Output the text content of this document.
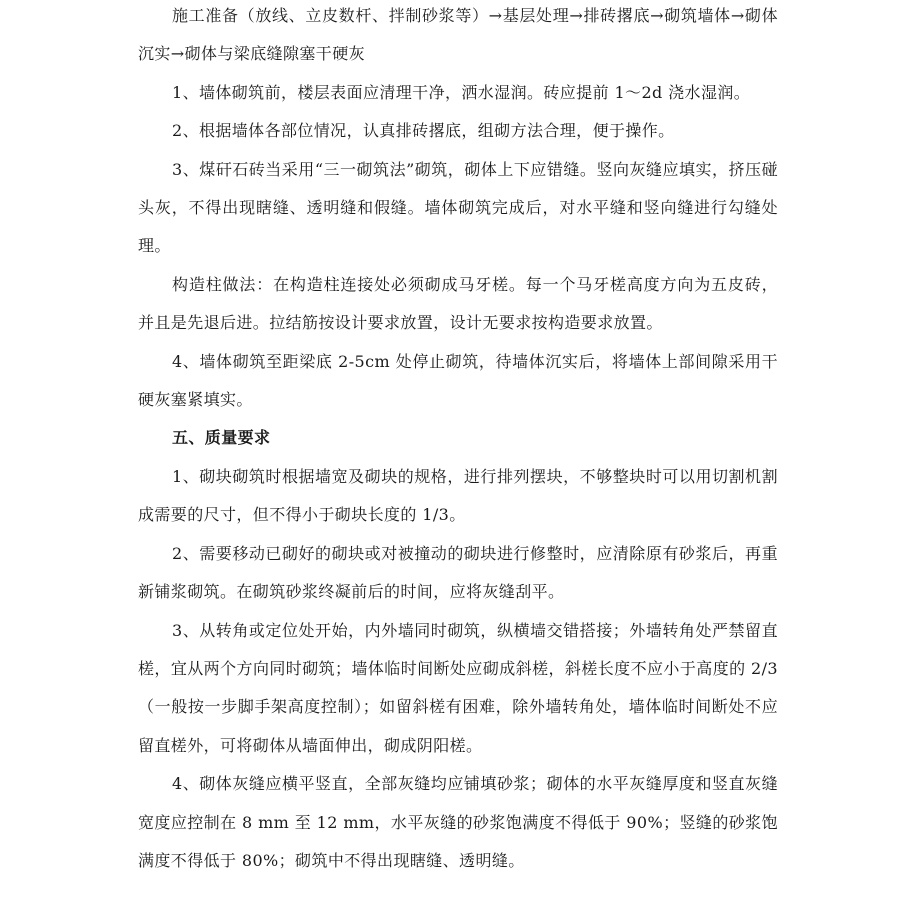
施工准备（放线、立皮数杆、拌制砂浆等）→基层处理→排砖撂底→砌筑墙体→砌体沉实→砌体与梁底缝隙塞干硬灰

1、墙体砌筑前，楼层表面应清理干净，洒水湿润。砖应提前 1～2d 浇水湿润。

2、根据墙体各部位情况，认真排砖撂底，组砌方法合理，便于操作。

3、煤矸石砖当采用“三一砌筑法”砌筑，砌体上下应错缝。竖向灰缝应填实，挤压碰头灰，不得出现瞎缝、透明缝和假缝。墙体砌筑完成后，对水平缝和竖向缝进行勾缝处理。

构造柱做法：在构造柱连接处必须砌成马牙槎。每一个马牙槎高度方向为五皮砖，并且是先退后进。拉结筋按设计要求放置，设计无要求按构造要求放置。

4、墙体砌筑至距梁底 2-5cm 处停止砌筑，待墙体沉实后，将墙体上部间隙采用干硬灰塞紧填实。

五、质量要求

1、砌块砌筑时根据墙宽及砌块的规格，进行排列摆块，不够整块时可以用切割机割成需要的尺寸，但不得小于砌块长度的 1/3。

2、需要移动已砌好的砌块或对被撞动的砌块进行修整时，应清除原有砂浆后，再重新铺浆砌筑。在砌筑砂浆终凝前后的时间，应将灰缝刮平。

3、从转角或定位处开始，内外墙同时砌筑，纵横墙交错搭接；外墙转角处严禁留直槎，宜从两个方向同时砌筑；墙体临时间断处应砌成斜槎，斜槎长度不应小于高度的 2/3（一般按一步脚手架高度控制）；如留斜槎有困难，除外墙转角处，墙体临时间断处不应留直槎外，可将砌体从墙面伸出，砌成阴阳槎。

4、砌体灰缝应横平竖直，全部灰缝均应铺填砂浆；砌体的水平灰缝厚度和竖直灰缝宽度应控制在 8 mm 至 12 mm，水平灰缝的砂浆饱满度不得低于 90%；竖缝的砂浆饱满度不得低于 80%；砌筑中不得出现瞎缝、透明缝。
